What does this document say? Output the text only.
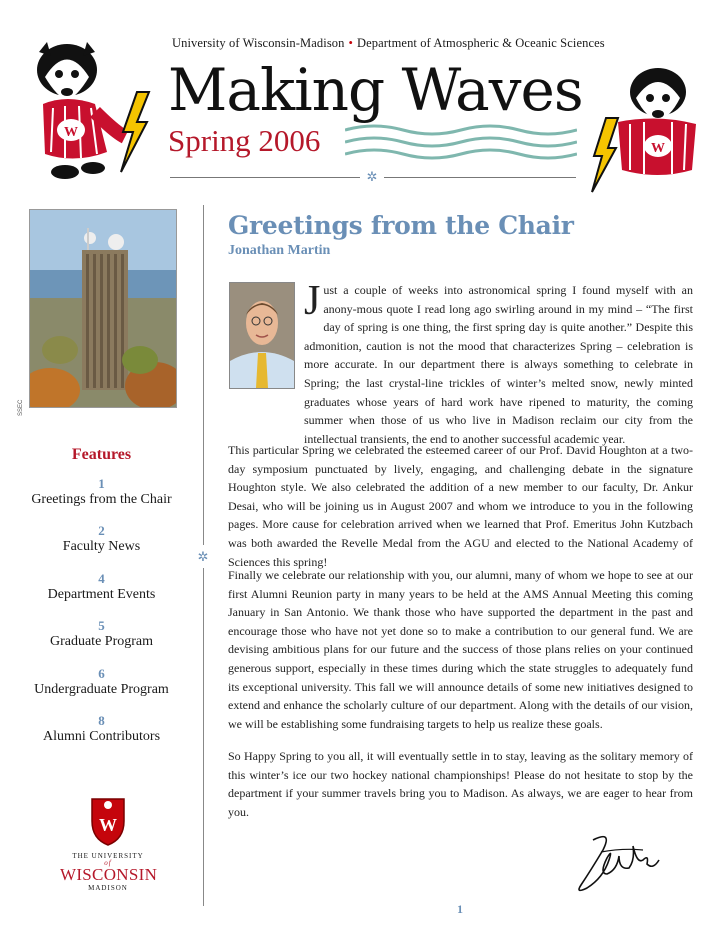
W
W
University of Wisconsin-Madison • Department of Atmospheric & Oceanic Sciences
Making Waves
Spring 2006
✲
SSEC
Features
1
Greetings from the Chair
2
Faculty News
4
Department Events
5
Graduate Program
6
Undergraduate Program
8
Alumni Contributors
✲
W
THE UNIVERSITY
of
WISCONSIN
MADISON
Greetings from the Chair
Jonathan Martin
Just a couple of weeks into astronomical spring I found myself with an anony-mous quote I read long ago swirling around in my mind – “The first day of spring is one thing, the first spring day is quite another.” Despite this admonition, caution is not the mood that characterizes Spring – celebration is more accurate. In our department there is always something to celebrate in Spring; the last crystal-line trickles of winter’s melted snow, newly minted graduates whose years of hard work have ripened to maturity, the coming summer when those of us who live in Madison reclaim our city from the intellectual transients, the end to another successful academic year.
This particular Spring we celebrated the esteemed career of our Prof. David Houghton at a two-day symposium punctuated by lively, engaging, and challenging debate in the signature Houghton style. We also celebrated the addition of a new member to our faculty, Dr. Ankur Desai, who will be joining us in August 2007 and whom we introduce to you in the following pages. More cause for celebration arrived when we learned that Prof. Emeritus John Kutzbach was both awarded the Revelle Medal from the AGU and elected to the National Academy of Sciences this spring!
Finally we celebrate our relationship with you, our alumni, many of whom we hope to see at our first Alumni Reunion party in many years to be held at the AMS Annual Meeting this coming January in San Antonio. We thank those who have supported the department in the past and encourage those who have not yet done so to make a contribution to our general fund. We are devising ambitious plans for our future and the success of those plans relies on your continued generous support, especially in these times during which the state struggles to adequately fund its exceptional university. This fall we will announce details of some new initiatives designed to extend and enhance the scholarly culture of our department. Along with the details of our vision, we will be establishing some fundraising targets to help us realize these goals.
So Happy Spring to you all, it will eventually settle in to stay, leaving as the solitary memory of this winter’s ice our two hockey national championships! Please do not hesitate to stop by the department if your summer travels bring you to Madison. As always, we are eager to hear from you.
1
